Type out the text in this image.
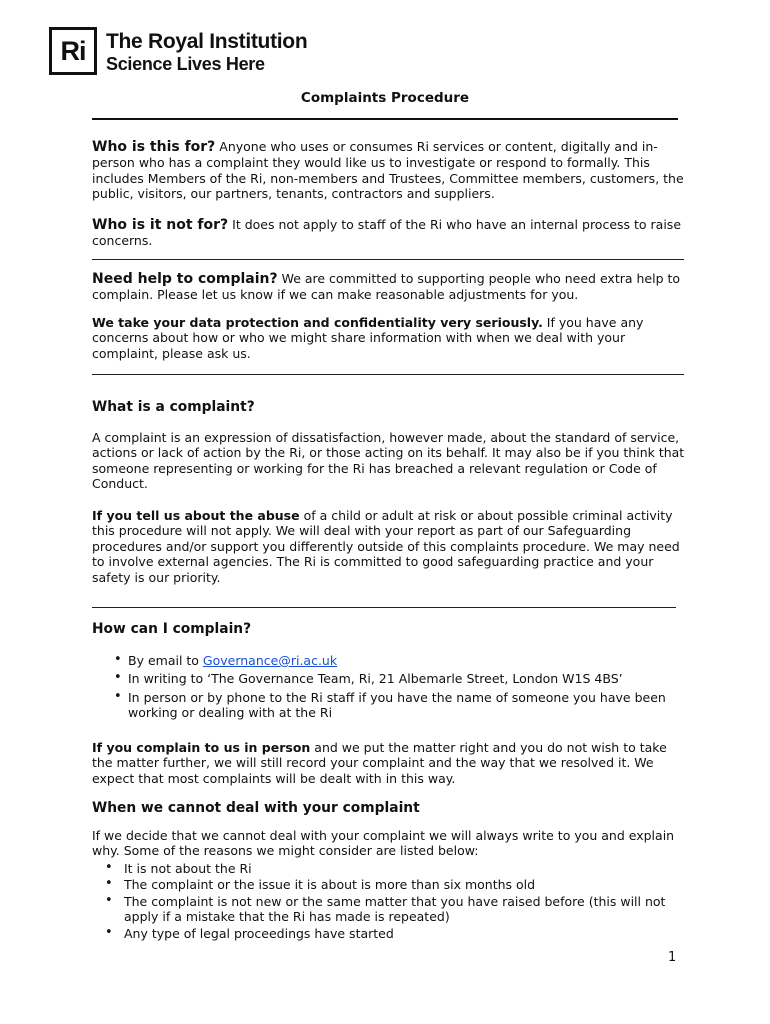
Ri The Royal Institution
Science Lives Here
Complaints Procedure
Who is this for? Anyone who uses or consumes Ri services or content, digitally and in-person who has a complaint they would like us to investigate or respond to formally. This includes Members of the Ri, non-members and Trustees, Committee members, customers, the public, visitors, our partners, tenants, contractors and suppliers.
Who is it not for? It does not apply to staff of the Ri who have an internal process to raise concerns.
Need help to complain? We are committed to supporting people who need extra help to complain. Please let us know if we can make reasonable adjustments for you.
We take your data protection and confidentiality very seriously. If you have any concerns about how or who we might share information with when we deal with your complaint, please ask us.
What is a complaint?
A complaint is an expression of dissatisfaction, however made, about the standard of service, actions or lack of action by the Ri, or those acting on its behalf. It may also be if you think that someone representing or working for the Ri has breached a relevant regulation or Code of Conduct.
If you tell us about the abuse of a child or adult at risk or about possible criminal activity this procedure will not apply. We will deal with your report as part of our Safeguarding procedures and/or support you differently outside of this complaints procedure. We may need to involve external agencies. The Ri is committed to good safeguarding practice and your safety is our priority.
How can I complain?
• By email to Governance@ri.ac.uk
• In writing to ‘The Governance Team, Ri, 21 Albemarle Street, London W1S 4BS’
• In person or by phone to the Ri staff if you have the name of someone you have been working or dealing with at the Ri
If you complain to us in person and we put the matter right and you do not wish to take the matter further, we will still record your complaint and the way that we resolved it. We expect that most complaints will be dealt with in this way.
When we cannot deal with your complaint
If we decide that we cannot deal with your complaint we will always write to you and explain why. Some of the reasons we might consider are listed below:
• It is not about the Ri
• The complaint or the issue it is about is more than six months old
• The complaint is not new or the same matter that you have raised before (this will not apply if a mistake that the Ri has made is repeated)
• Any type of legal proceedings have started
1
